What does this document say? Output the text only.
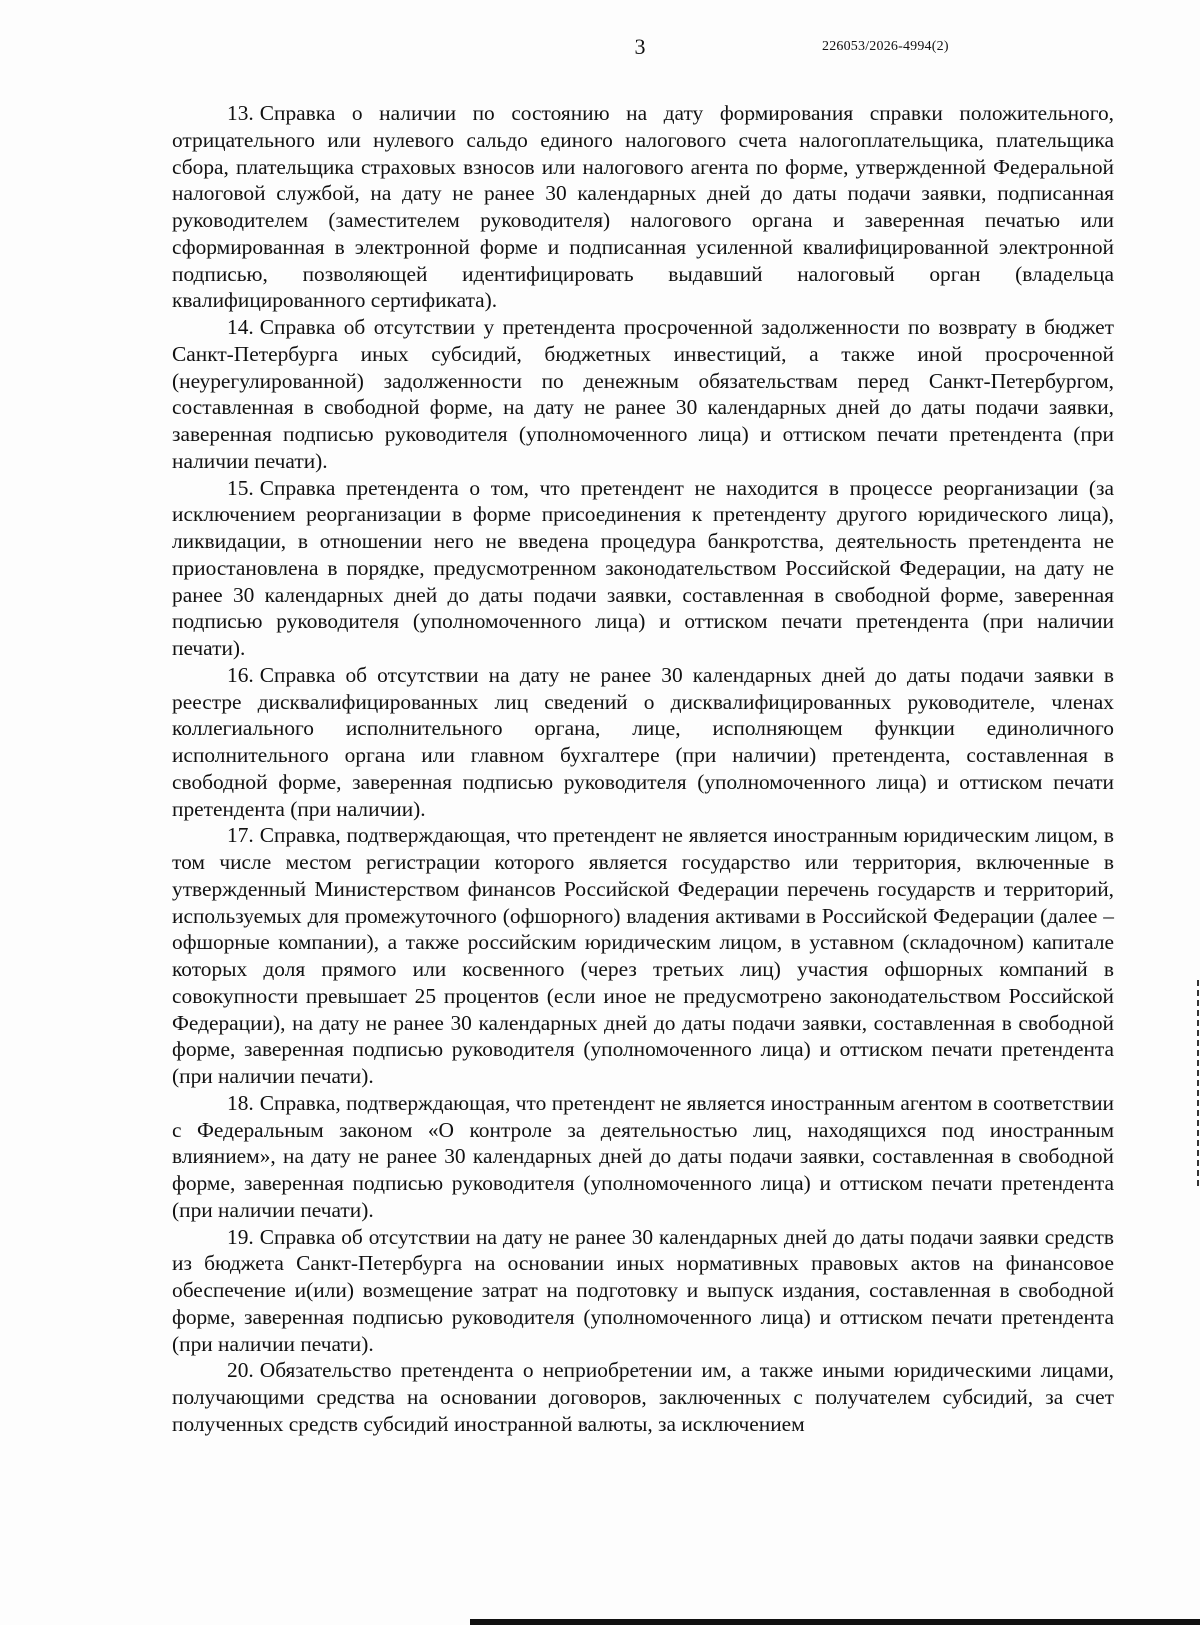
3	226053/2026-4994(2)

13. Справка о наличии по состоянию на дату формирования справки положительного, отрицательного или нулевого сальдо единого налогового счета налогоплательщика, плательщика сбора, плательщика страховых взносов или налогового агента по форме, утвержденной Федеральной налоговой службой, на дату не ранее 30 календарных дней до даты подачи заявки, подписанная руководителем (заместителем руководителя) налогового органа и заверенная печатью или сформированная в электронной форме и подписанная усиленной квалифицированной электронной подписью, позволяющей идентифицировать выдавший налоговый орган (владельца квалифицированного сертификата).

14. Справка об отсутствии у претендента просроченной задолженности по возврату в бюджет Санкт-Петербурга иных субсидий, бюджетных инвестиций, а также иной просроченной (неурегулированной) задолженности по денежным обязательствам перед Санкт-Петербургом, составленная в свободной форме, на дату не ранее 30 календарных дней до даты подачи заявки, заверенная подписью руководителя (уполномоченного лица) и оттиском печати претендента (при наличии печати).

15. Справка претендента о том, что претендент не находится в процессе реорганизации (за исключением реорганизации в форме присоединения к претенденту другого юридического лица), ликвидации, в отношении него не введена процедура банкротства, деятельность претендента не приостановлена в порядке, предусмотренном законодательством Российской Федерации, на дату не ранее 30 календарных дней до даты подачи заявки, составленная в свободной форме, заверенная подписью руководителя (уполномоченного лица) и оттиском печати претендента (при наличии печати).

16. Справка об отсутствии на дату не ранее 30 календарных дней до даты подачи заявки в реестре дисквалифицированных лиц сведений о дисквалифицированных руководителе, членах коллегиального исполнительного органа, лице, исполняющем функции единоличного исполнительного органа или главном бухгалтере (при наличии) претендента, составленная в свободной форме, заверенная подписью руководителя (уполномоченного лица) и оттиском печати претендента (при наличии).

17. Справка, подтверждающая, что претендент не является иностранным юридическим лицом, в том числе местом регистрации которого является государство или территория, включенные в утвержденный Министерством финансов Российской Федерации перечень государств и территорий, используемых для промежуточного (офшорного) владения активами в Российской Федерации (далее – офшорные компании), а также российским юридическим лицом, в уставном (складочном) капитале которых доля прямого или косвенного (через третьих лиц) участия офшорных компаний в совокупности превышает 25 процентов (если иное не предусмотрено законодательством Российской Федерации), на дату не ранее 30 календарных дней до даты подачи заявки, составленная в свободной форме, заверенная подписью руководителя (уполномоченного лица) и оттиском печати претендента (при наличии печати).

18. Справка, подтверждающая, что претендент не является иностранным агентом в соответствии с Федеральным законом «О контроле за деятельностью лиц, находящихся под иностранным влиянием», на дату не ранее 30 календарных дней до даты подачи заявки, составленная в свободной форме, заверенная подписью руководителя (уполномоченного лица) и оттиском печати претендента (при наличии печати).

19. Справка об отсутствии на дату не ранее 30 календарных дней до даты подачи заявки средств из бюджета Санкт-Петербурга на основании иных нормативных правовых актов на финансовое обеспечение и(или) возмещение затрат на подготовку и выпуск издания, составленная в свободной форме, заверенная подписью руководителя (уполномоченного лица) и оттиском печати претендента (при наличии печати).

20. Обязательство претендента о неприобретении им, а также иными юридическими лицами, получающими средства на основании договоров, заключенных с получателем субсидий, за счет полученных средств субсидий иностранной валюты, за исключением
